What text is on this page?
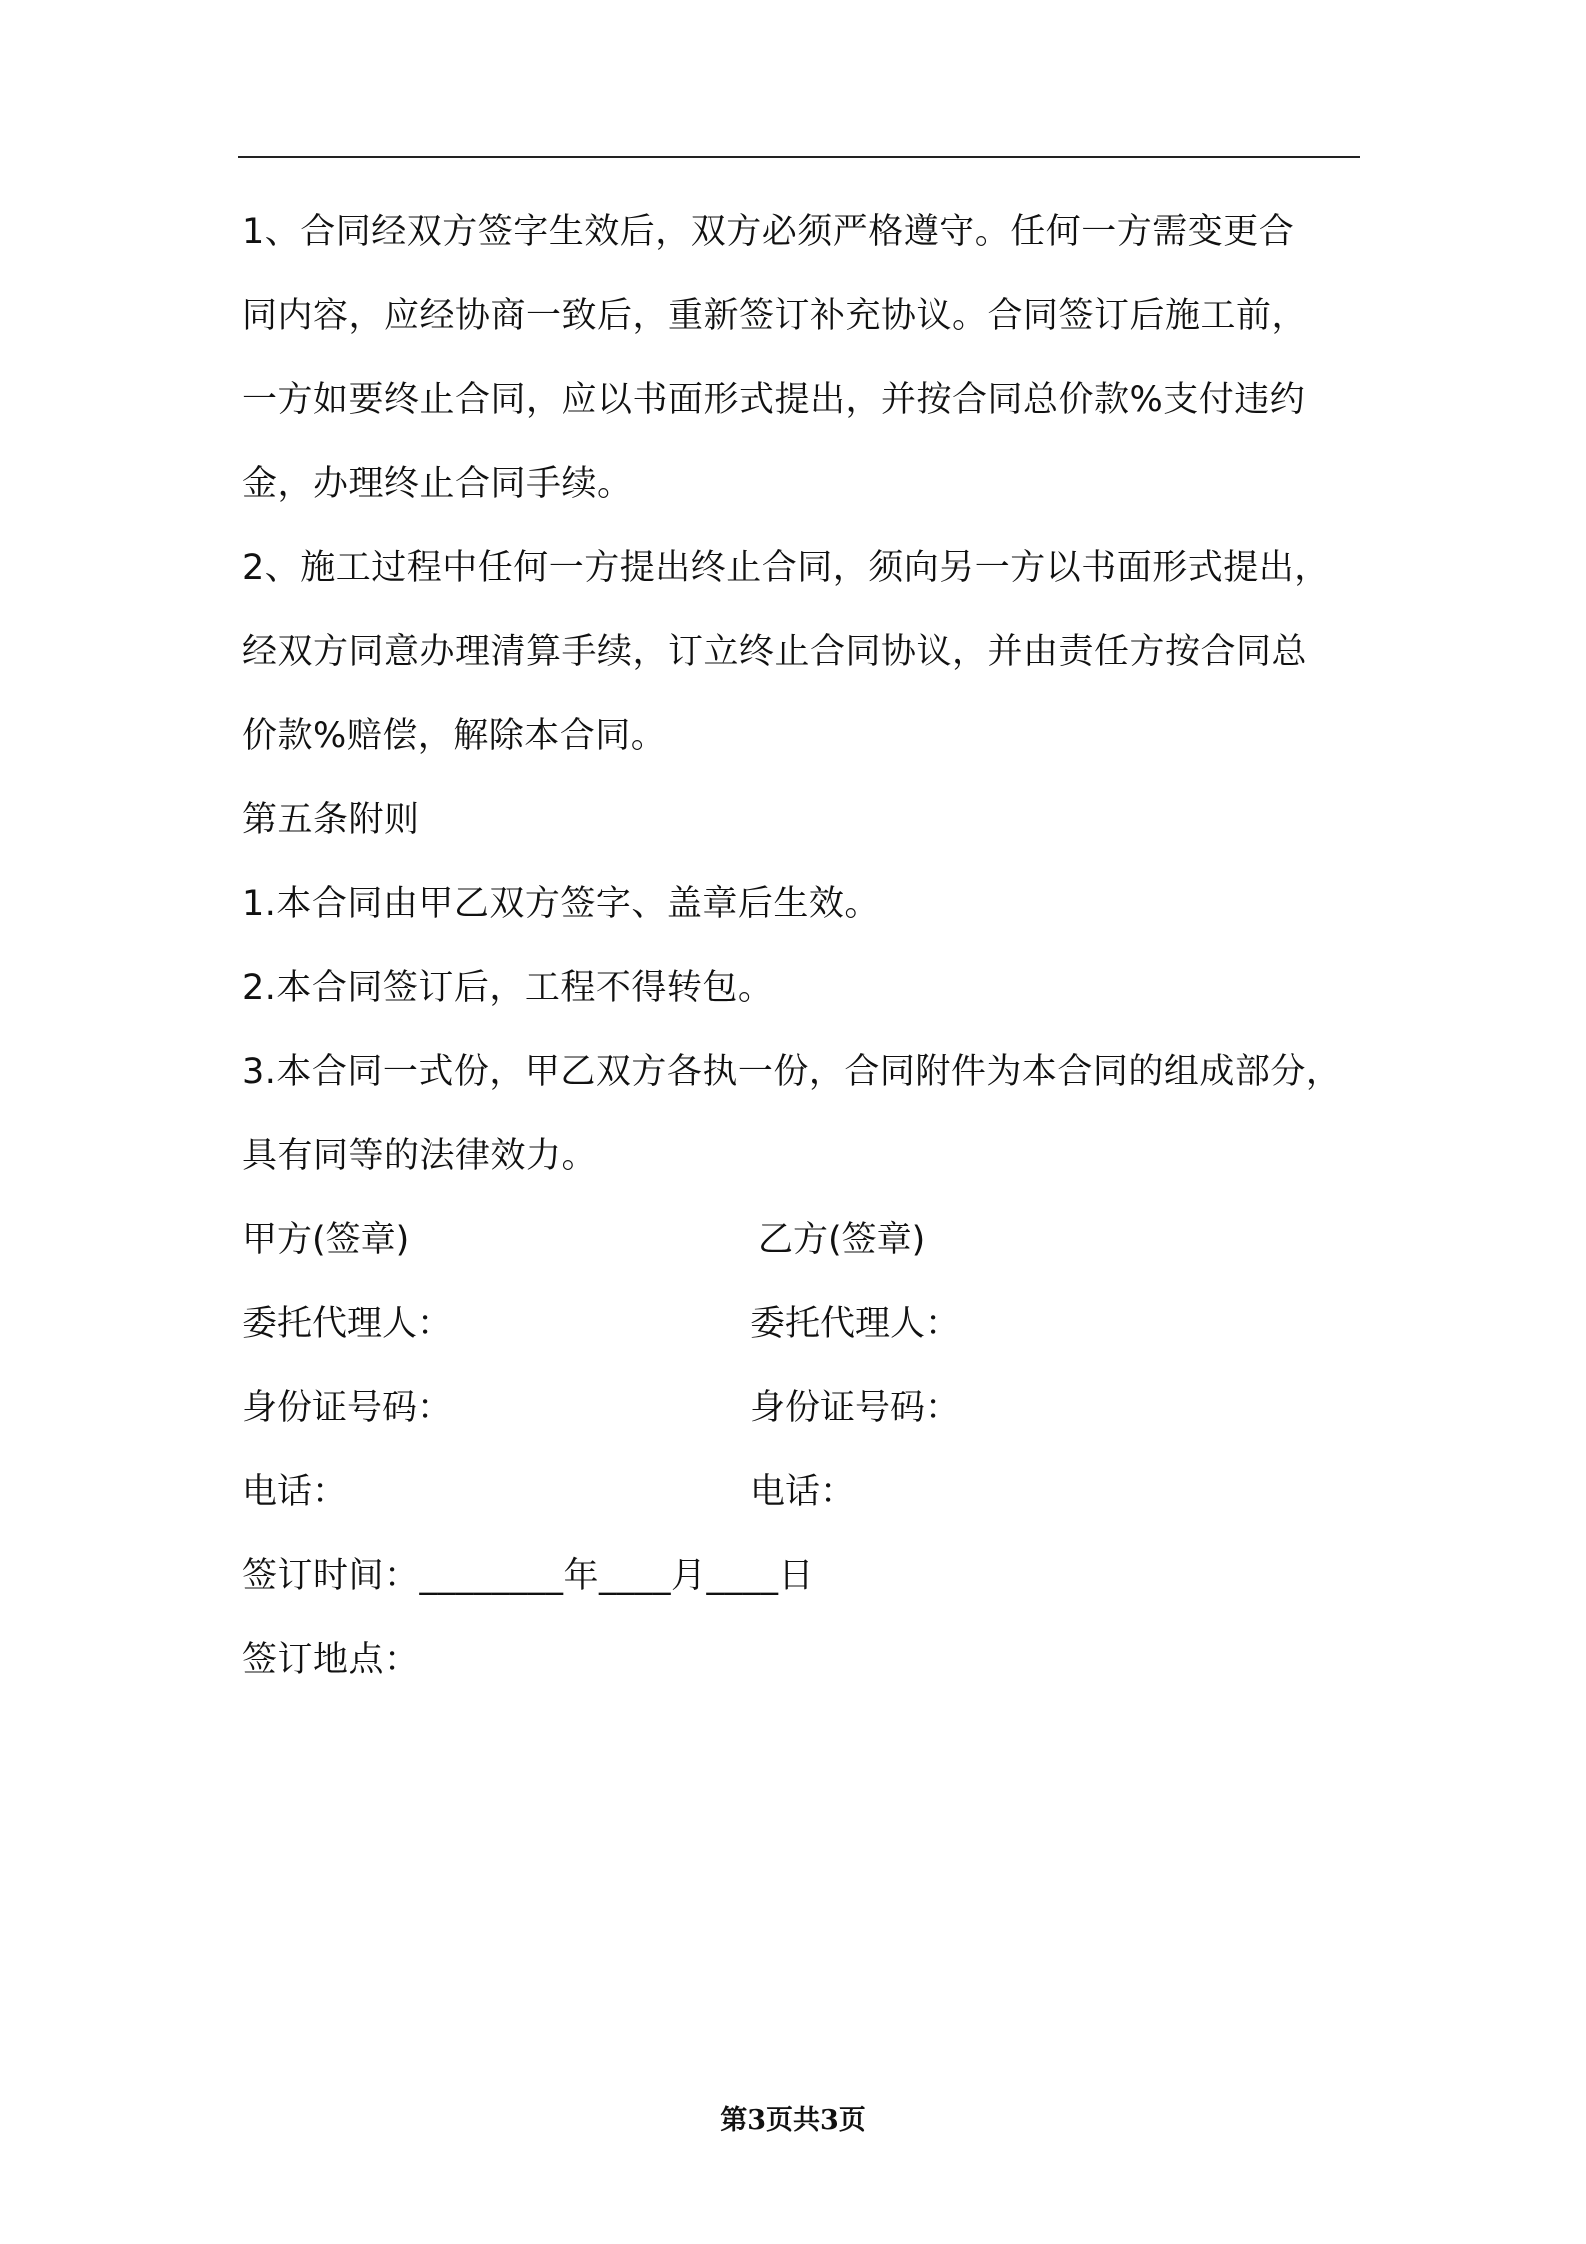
1、合同经双方签字生效后，双方必须严格遵守。任何一方需变更合
同内容，应经协商一致后，重新签订补充协议。合同签订后施工前，
一方如要终止合同，应以书面形式提出，并按合同总价款%支付违约
金，办理终止合同手续。
2、施工过程中任何一方提出终止合同，须向另一方以书面形式提出，
经双方同意办理清算手续，订立终止合同协议，并由责任方按合同总
价款%赔偿，解除本合同。
第五条附则
1.本合同由甲乙双方签字、盖章后生效。
2.本合同签订后，工程不得转包。
3.本合同一式份，甲乙双方各执一份，合同附件为本合同的组成部分，
具有同等的法律效力。
甲方(签章)	乙方(签章)
委托代理人：	委托代理人：
身份证号码：	身份证号码：
电话：	电话：
签订时间：________年____月____日
签订地点：
第3页共3页
